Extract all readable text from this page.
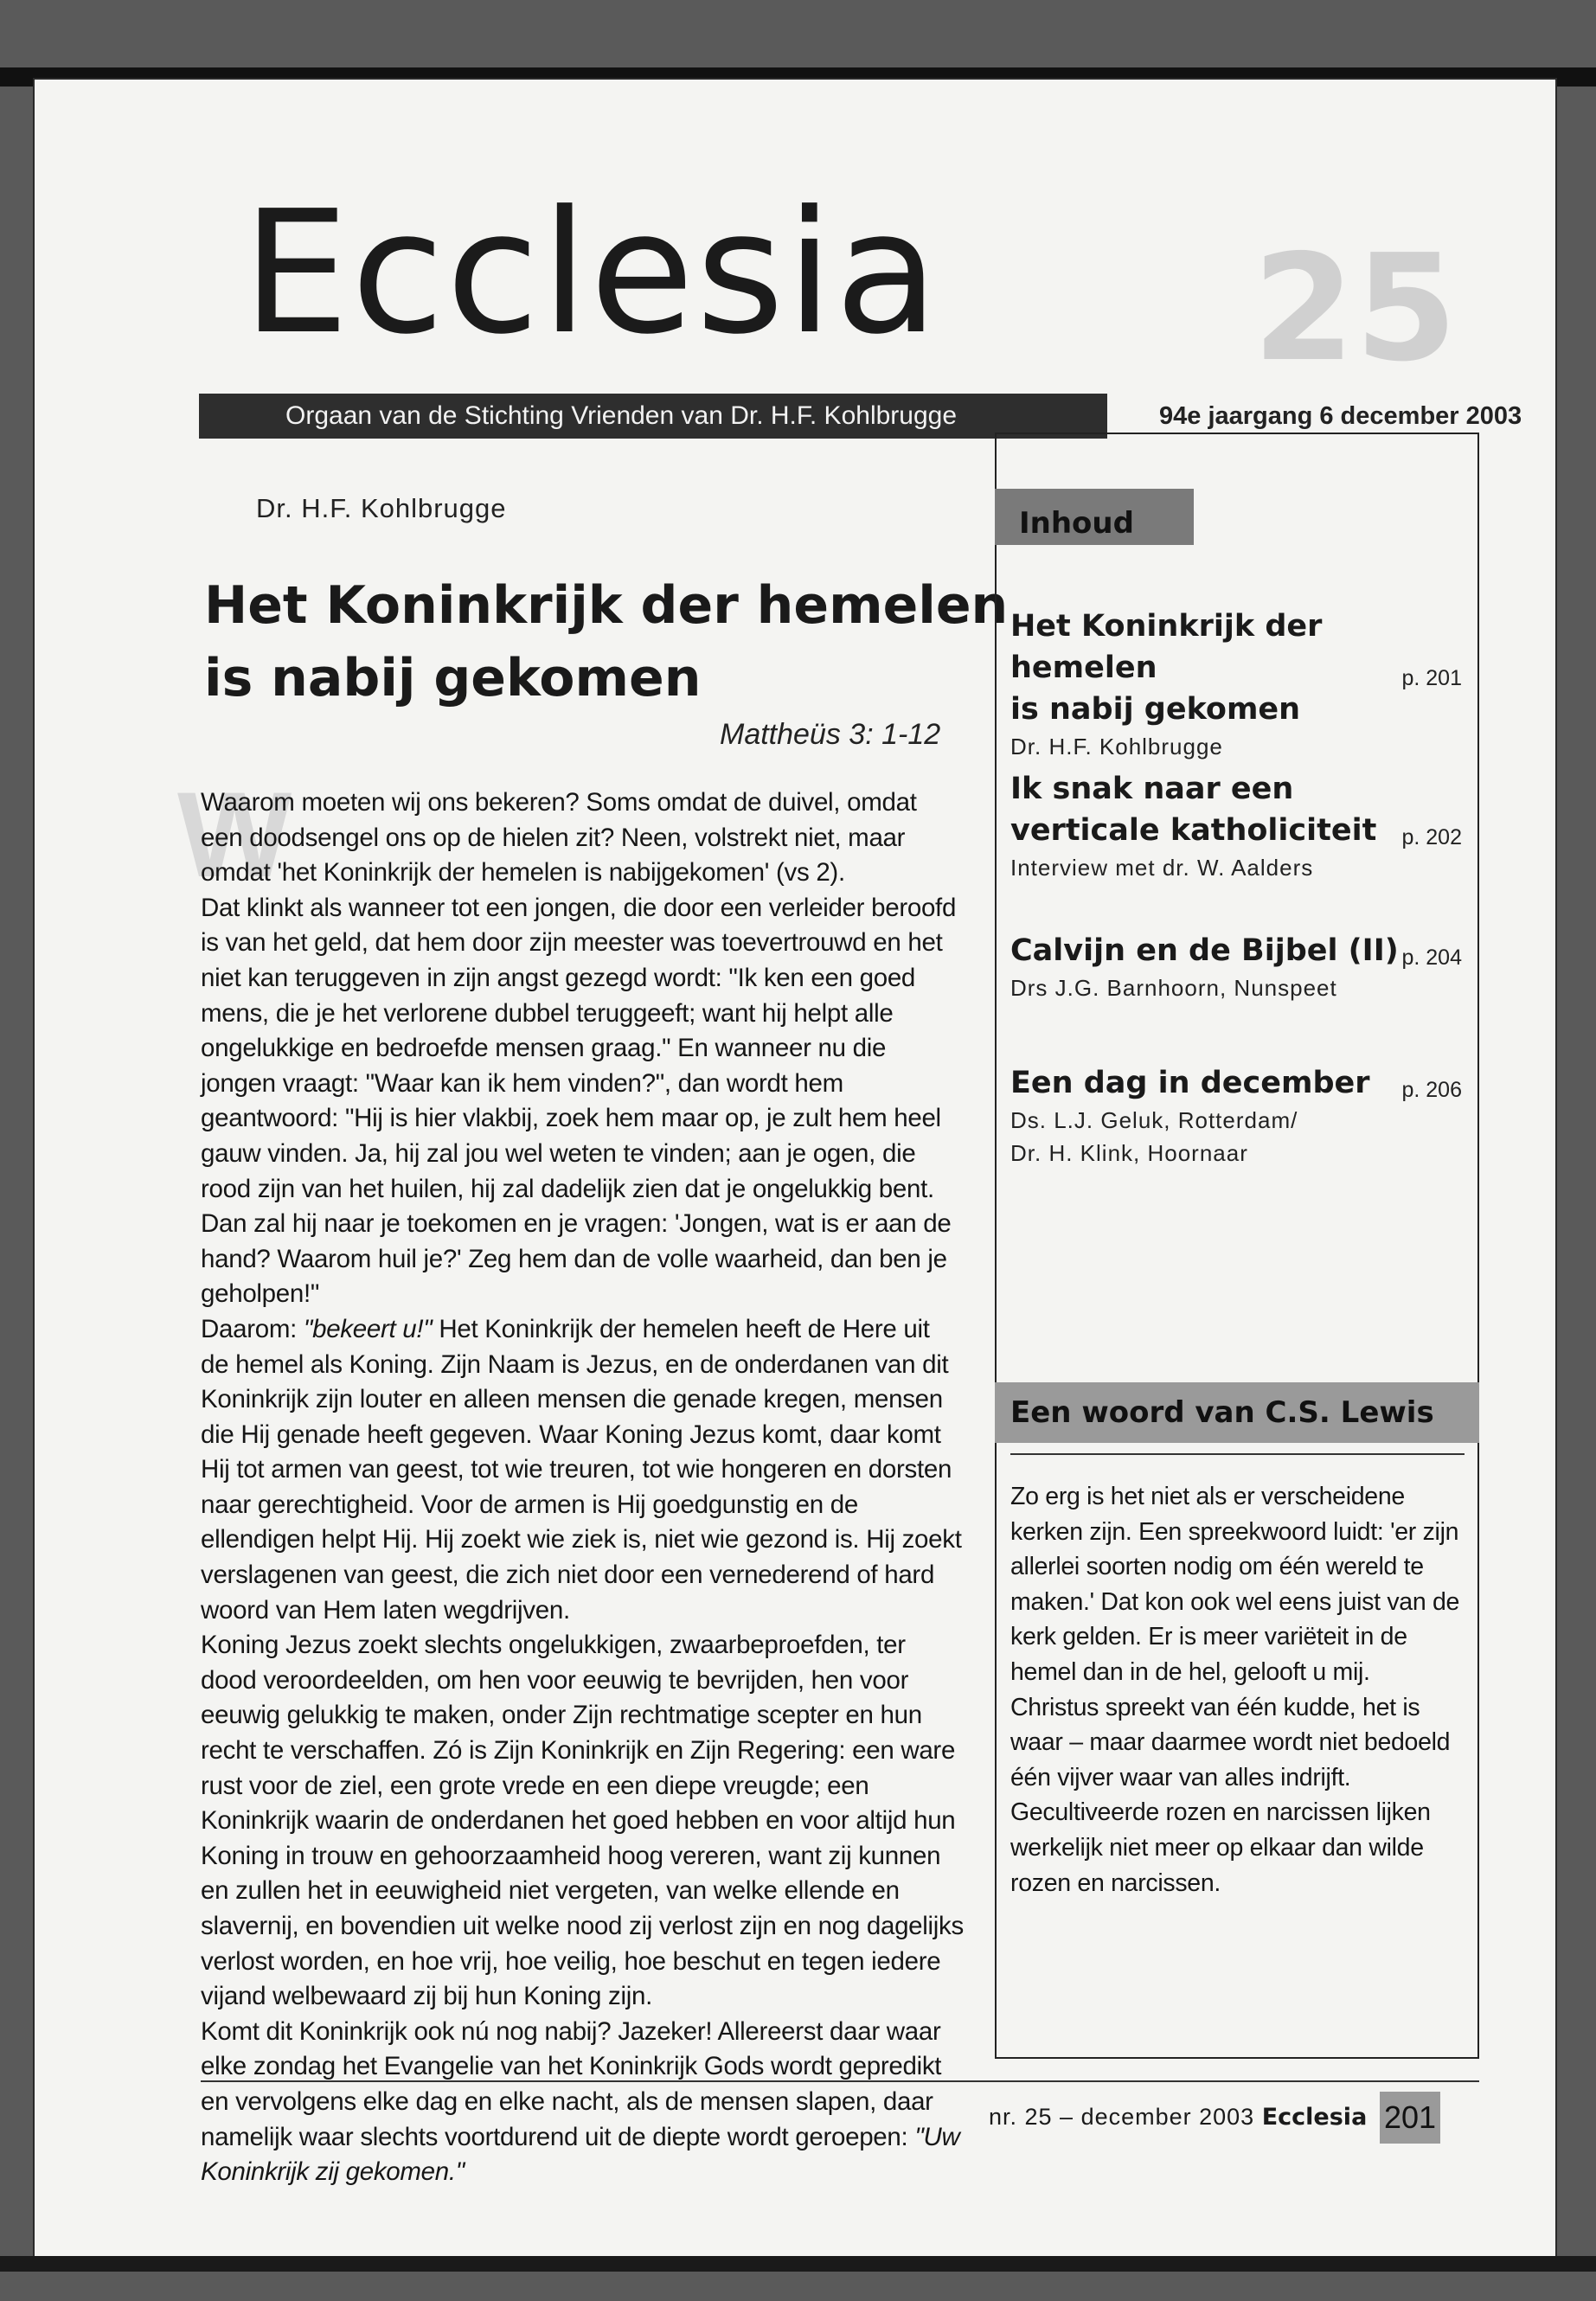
Ecclesia 25
Orgaan van de Stichting Vrienden van Dr. H.F. Kohlbrugge	94e jaargang 6 december 2003
Dr. H.F. Kohlbrugge
Het Koninkrijk der hemelen
is nabij gekomen
Mattheüs 3: 1-12
W

Waarom moeten wij ons bekeren? Soms omdat de duivel, omdat een doodsengel ons op de hielen zit? Neen, volstrekt niet, maar omdat 'het Koninkrijk der hemelen is nabijgekomen' (vs 2).

Dat klinkt als wanneer tot een jongen, die door een verleider beroofd is van het geld, dat hem door zijn meester was toevertrouwd en het niet kan teruggeven in zijn angst gezegd wordt: "Ik ken een goed mens, die je het verlorene dubbel teruggeeft; want hij helpt alle ongelukkige en bedroefde mensen graag." En wanneer nu die jongen vraagt: "Waar kan ik hem vinden?", dan wordt hem geantwoord: "Hij is hier vlakbij, zoek hem maar op, je zult hem heel gauw vinden. Ja, hij zal jou wel weten te vinden; aan je ogen, die rood zijn van het huilen, hij zal dadelijk zien dat je ongelukkig bent. Dan zal hij naar je toekomen en je vragen: 'Jongen, wat is er aan de hand? Waarom huil je?' Zeg hem dan de volle waarheid, dan ben je geholpen!"

Daarom: "bekeert u!" Het Koninkrijk der hemelen heeft de Here uit de hemel als Koning. Zijn Naam is Jezus, en de onderdanen van dit Koninkrijk zijn louter en alleen mensen die genade kregen, mensen die Hij genade heeft gegeven. Waar Koning Jezus komt, daar komt Hij tot armen van geest, tot wie treuren, tot wie hongeren en dorsten naar gerechtigheid. Voor de armen is Hij goedgunstig en de ellendigen helpt Hij. Hij zoekt wie ziek is, niet wie gezond is. Hij zoekt verslagenen van geest, die zich niet door een vernederend of hard woord van Hem laten wegdrijven.

Koning Jezus zoekt slechts ongelukkigen, zwaarbeproefden, ter dood veroordeelden, om hen voor eeuwig te bevrijden, hen voor eeuwig gelukkig te maken, onder Zijn rechtmatige scepter en hun recht te verschaffen. Zó is Zijn Koninkrijk en Zijn Regering: een ware rust voor de ziel, een grote vrede en een diepe vreugde; een Koninkrijk waarin de onderdanen het goed hebben en voor altijd hun Koning in trouw en gehoorzaamheid hoog vereren, want zij kunnen en zullen het in eeuwigheid niet vergeten, van welke ellende en slavernij, en bovendien uit welke nood zij verlost zijn en nog dagelijks verlost worden, en hoe vrij, hoe veilig, hoe beschut en tegen iedere vijand welbewaard zij bij hun Koning zijn.

Komt dit Koninkrijk ook nú nog nabij? Jazeker! Allereerst daar waar elke zondag het Evangelie van het Koninkrijk Gods wordt gepredikt en vervolgens elke dag en elke nacht, als de mensen slapen, daar namelijk waar slechts voortdurend uit de diepte wordt geroepen: "Uw Koninkrijk zij gekomen."

Inhoud
Het Koninkrijk der hemelen
is nabij gekomen
Dr. H.F. Kohlbrugge
p. 201
Ik snak naar een
verticale katholiciteit
Interview met dr. W. Aalders
p. 202
Calvijn en de Bijbel (II)
Drs J.G. Barnhoorn, Nunspeet
p. 204
Een dag in december
Ds. L.J. Geluk, Rotterdam/
Dr. H. Klink, Hoornaar
p. 206
Een woord van C.S. Lewis
Zo erg is het niet als er verscheidene kerken zijn. Een spreekwoord luidt: 'er zijn allerlei soorten nodig om één wereld te maken.' Dat kon ook wel eens juist van de kerk gelden. Er is meer variëteit in de hemel dan in de hel, gelooft u mij. Christus spreekt van één kudde, het is waar – maar daarmee wordt niet bedoeld één vijver waar van alles indrijft. Gecultiveerde rozen en narcissen lijken werkelijk niet meer op elkaar dan wilde rozen en narcissen.
nr. 25 – december 2003 Ecclesia 201
